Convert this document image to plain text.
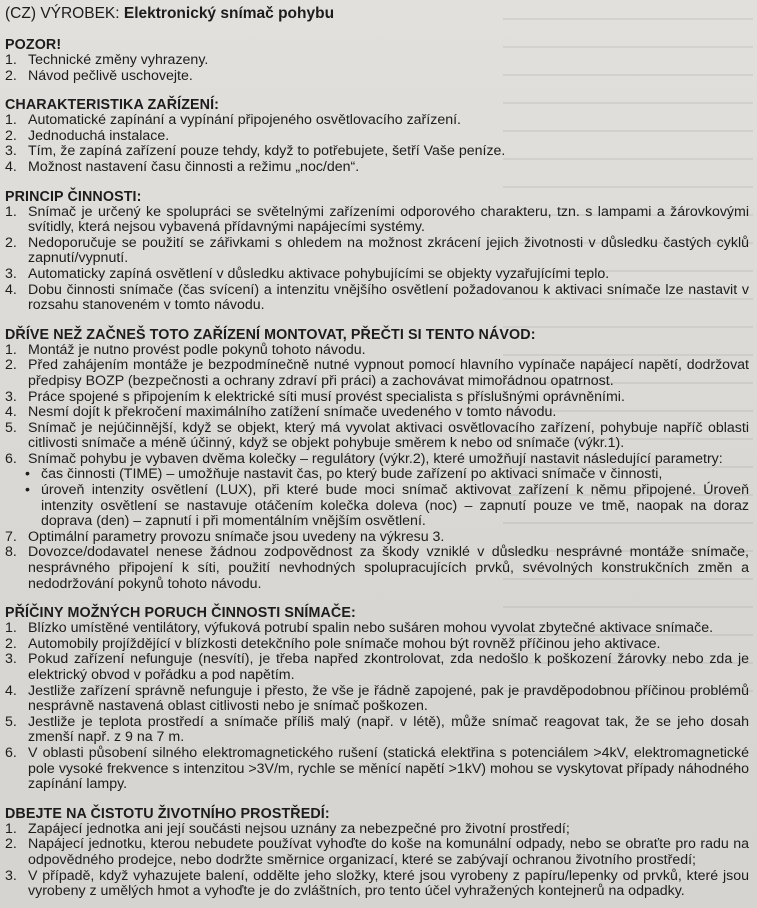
(CZ) VÝROBEK: Elektronický snímač pohybu
POZOR!
1. Technické změny vyhrazeny.
2. Návod pečlivě uschovejte.
CHARAKTERISTIKA ZAŘÍZENÍ:
1. Automatické zapínání a vypínání připojeného osvětlovacího zařízení.
2. Jednoduchá instalace.
3. Tím, že zapíná zařízení pouze tehdy, když to potřebujete, šetří Vaše peníze.
4. Možnost nastavení času činnosti a režimu „noc/den“.
PRINCIP ČINNOSTI:
1. Snímač je určený ke spolupráci se světelnými zařízeními odporového charakteru, tzn. s lampami a žárovkovými svítidly, která nejsou vybavená přídavnými napájecími systémy.
2. Nedoporučuje se použití se zářivkami s ohledem na možnost zkrácení jejich životnosti v důsledku častých cyklů zapnutí/vypnutí.
3. Automaticky zapíná osvětlení v důsledku aktivace pohybujícími se objekty vyzařujícími teplo.
4. Dobu činnosti snímače (čas svícení) a intenzitu vnějšího osvětlení požadovanou k aktivaci snímače lze nastavit v rozsahu stanoveném v tomto návodu.
DŘÍVE NEŽ ZAČNEŠ TOTO ZAŘÍZENÍ MONTOVAT, PŘEČTI SI TENTO NÁVOD:
1. Montáž je nutno provést podle pokynů tohoto návodu.
2. Před zahájením montáže je bezpodmínečně nutné vypnout pomocí hlavního vypínače napájecí napětí, dodržovat předpisy BOZP (bezpečnosti a ochrany zdraví při práci) a zachovávat mimořádnou opatrnost.
3. Práce spojené s připojením k elektrické síti musí provést specialista s příslušnými oprávněními.
4. Nesmí dojít k překročení maximálního zatížení snímače uvedeného v tomto návodu.
5. Snímač je nejúčinnější, když se objekt, který má vyvolat aktivaci osvětlovacího zařízení, pohybuje napříč oblasti citlivosti snímače a méně účinný, když se objekt pohybuje směrem k nebo od snímače (výkr.1).
6. Snímač pohybu je vybaven dvěma kolečky – regulátory (výkr.2), které umožňují nastavit následující parametry:
• čas činnosti (TIME) – umožňuje nastavit čas, po který bude zařízení po aktivaci snímače v činnosti,
• úroveň intenzity osvětlení (LUX), při které bude moci snímač aktivovat zařízení k němu připojené. Úroveň intenzity osvětlení se nastavuje otáčením kolečka doleva (noc) – zapnutí pouze ve tmě, naopak na doraz doprava (den) – zapnutí i při momentálním vnějším osvětlení.
7. Optimální parametry provozu snímače jsou uvedeny na výkresu 3.
8. Dovozce/dodavatel nenese žádnou zodpovědnost za škody vzniklé v důsledku nesprávné montáže snímače, nesprávného připojení k síti, použití nevhodných spolupracujících prvků, svévolných konstrukčních změn a nedodržování pokynů tohoto návodu.
PŘÍČINY MOŽNÝCH PORUCH ČINNOSTI SNÍMAČE:
1. Blízko umístěné ventilátory, výfuková potrubí spalin nebo sušáren mohou vyvolat zbytečné aktivace snímače.
2. Automobily projíždějící v blízkosti detekčního pole snímače mohou být rovněž příčinou jeho aktivace.
3. Pokud zařízení nefunguje (nesvítí), je třeba napřed zkontrolovat, zda nedošlo k poškození žárovky nebo zda je elektrický obvod v pořádku a pod napětím.
4. Jestliže zařízení správně nefunguje i přesto, že vše je řádně zapojené, pak je pravděpodobnou příčinou problémů nesprávně nastavená oblast citlivosti nebo je snímač poškozen.
5. Jestliže je teplota prostředí a snímače příliš malý (např. v létě), může snímač reagovat tak, že se jeho dosah zmenší např. z 9 na 7 m.
6. V oblasti působení silného elektromagnetického rušení (statická elektřina s potenciálem >4kV, elektromagnetické pole vysoké frekvence s intenzitou >3V/m, rychle se měnící napětí >1kV) mohou se vyskytovat případy náhodného zapínání lampy.
DBEJTE NA ČISTOTU ŽIVOTNÍHO PROSTŘEDÍ:
1. Zapájecí jednotka ani její součásti nejsou uznány za nebezpečné pro životní prostředí;
2. Napájecí jednotku, kterou nebudete používat vyhoďte do koše na komunální odpady, nebo se obraťte pro radu na odpovědného prodejce, nebo dodržte směrnice organizací, které se zabývají ochranou životního prostředí;
3. V případě, když vyhazujete balení, oddělte jeho složky, které jsou vyrobeny z papíru/lepenky od prvků, které jsou vyrobeny z umělých hmot a vyhoďte je do zvláštních, pro tento účel vyhražených kontejnerů na odpadky.
